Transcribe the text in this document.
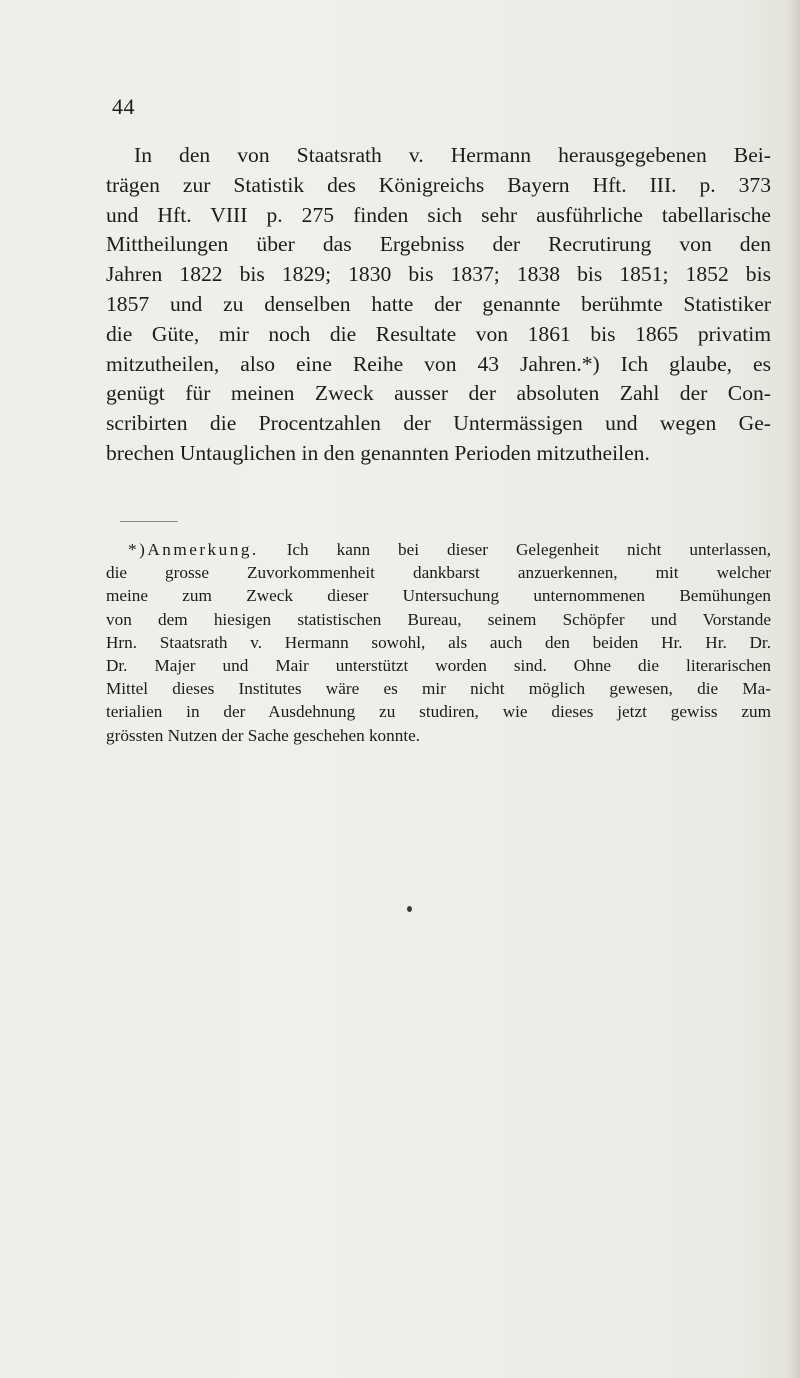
44
In den von Staatsrath v. Hermann herausgegebenen Bei-
trägen zur Statistik des Königreichs Bayern Hft. III. p. 373
und Hft. VIII p. 275 finden sich sehr ausführliche tabellarische
Mittheilungen über das Ergebniss der Recrutirung von den
Jahren 1822 bis 1829; 1830 bis 1837; 1838 bis 1851; 1852 bis
1857 und zu denselben hatte der genannte berühmte Statistiker
die Güte, mir noch die Resultate von 1861 bis 1865 privatim
mitzutheilen, also eine Reihe von 43 Jahren.*) Ich glaube, es
genügt für meinen Zweck ausser der absoluten Zahl der Con-
scribirten die Procentzahlen der Untermässigen und wegen Ge-
brechen Untauglichen in den genannten Perioden mitzutheilen.
*)Anmerkung. Ich kann bei dieser Gelegenheit nicht unterlassen,
die grosse Zuvorkommenheit dankbarst anzuerkennen, mit welcher
meine zum Zweck dieser Untersuchung unternommenen Bemühungen
von dem hiesigen statistischen Bureau, seinem Schöpfer und Vorstande
Hrn. Staatsrath v. Hermann sowohl, als auch den beiden Hr. Hr. Dr.
Dr. Majer und Mair unterstützt worden sind. Ohne die literarischen
Mittel dieses Institutes wäre es mir nicht möglich gewesen, die Ma-
terialien in der Ausdehnung zu studiren, wie dieses jetzt gewiss zum
grössten Nutzen der Sache geschehen konnte.
